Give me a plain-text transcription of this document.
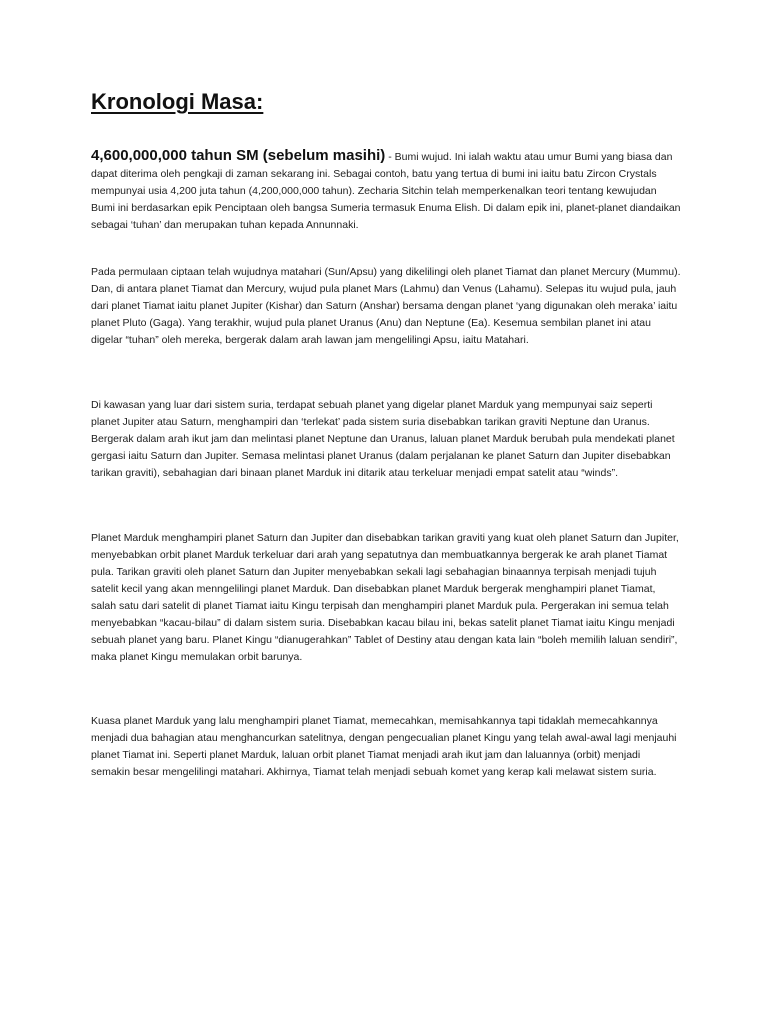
Kronologi Masa:

4,600,000,000 tahun SM (sebelum masihi) - Bumi wujud. Ini ialah waktu atau umur Bumi yang biasa dan dapat diterima oleh pengkaji di zaman sekarang ini. Sebagai contoh, batu yang tertua di bumi ini iaitu batu Zircon Crystals mempunyai usia 4,200 juta tahun (4,200,000,000 tahun). Zecharia Sitchin telah memperkenalkan teori tentang kewujudan Bumi ini berdasarkan epik Penciptaan oleh bangsa Sumeria termasuk Enuma Elish. Di dalam epik ini, planet-planet diandaikan sebagai ‘tuhan’ dan merupakan tuhan kepada Annunnaki.

Pada permulaan ciptaan telah wujudnya matahari (Sun/Apsu) yang dikelilingi oleh planet Tiamat dan planet Mercury (Mummu). Dan, di antara planet Tiamat dan Mercury, wujud pula planet Mars (Lahmu) dan Venus (Lahamu). Selepas itu wujud pula, jauh dari planet Tiamat iaitu planet Jupiter (Kishar) dan Saturn (Anshar) bersama dengan planet ‘yang digunakan oleh meraka’ iaitu planet Pluto (Gaga). Yang terakhir, wujud pula planet Uranus (Anu) dan Neptune (Ea). Kesemua sembilan planet ini atau digelar “tuhan” oleh mereka, bergerak dalam arah lawan jam mengelilingi Apsu, iaitu Matahari.

Di kawasan yang luar dari sistem suria, terdapat sebuah planet yang digelar planet Marduk yang mempunyai saiz seperti planet Jupiter atau Saturn, menghampiri dan ‘terlekat’ pada sistem suria disebabkan tarikan graviti Neptune dan Uranus. Bergerak dalam arah ikut jam dan melintasi planet Neptune dan Uranus, laluan planet Marduk berubah pula mendekati planet gergasi iaitu Saturn dan Jupiter. Semasa melintasi planet Uranus (dalam perjalanan ke planet Saturn dan Jupiter disebabkan tarikan graviti), sebahagian dari binaan planet Marduk ini ditarik atau terkeluar menjadi empat satelit atau “winds”.

Planet Marduk menghampiri planet Saturn dan Jupiter dan disebabkan tarikan graviti yang kuat oleh planet Saturn dan Jupiter, menyebabkan orbit planet Marduk terkeluar dari arah yang sepatutnya dan membuatkannya bergerak ke arah planet Tiamat pula. Tarikan graviti oleh planet Saturn dan Jupiter menyebabkan sekali lagi sebahagian binaannya terpisah menjadi tujuh satelit kecil yang akan menngelilingi planet Marduk. Dan disebabkan planet Marduk bergerak menghampiri planet Tiamat, salah satu dari satelit di planet Tiamat iaitu Kingu terpisah dan menghampiri planet Marduk pula. Pergerakan ini semua telah menyebabkan “kacau-bilau” di dalam sistem suria. Disebabkan kacau bilau ini, bekas satelit planet Tiamat iaitu Kingu menjadi sebuah planet yang baru. Planet Kingu “dianugerahkan” Tablet of Destiny atau dengan kata lain “boleh memilih laluan sendiri”, maka planet Kingu memulakan orbit barunya.

Kuasa planet Marduk yang lalu menghampiri planet Tiamat, memecahkan, memisahkannya tapi tidaklah memecahkannya menjadi dua bahagian atau menghancurkan satelitnya, dengan pengecualian planet Kingu yang telah awal-awal lagi menjauhi planet Tiamat ini. Seperti planet Marduk, laluan orbit planet Tiamat menjadi arah ikut jam dan laluannya (orbit) menjadi semakin besar mengelilingi matahari. Akhirnya, Tiamat telah menjadi sebuah komet yang kerap kali melawat sistem suria.
